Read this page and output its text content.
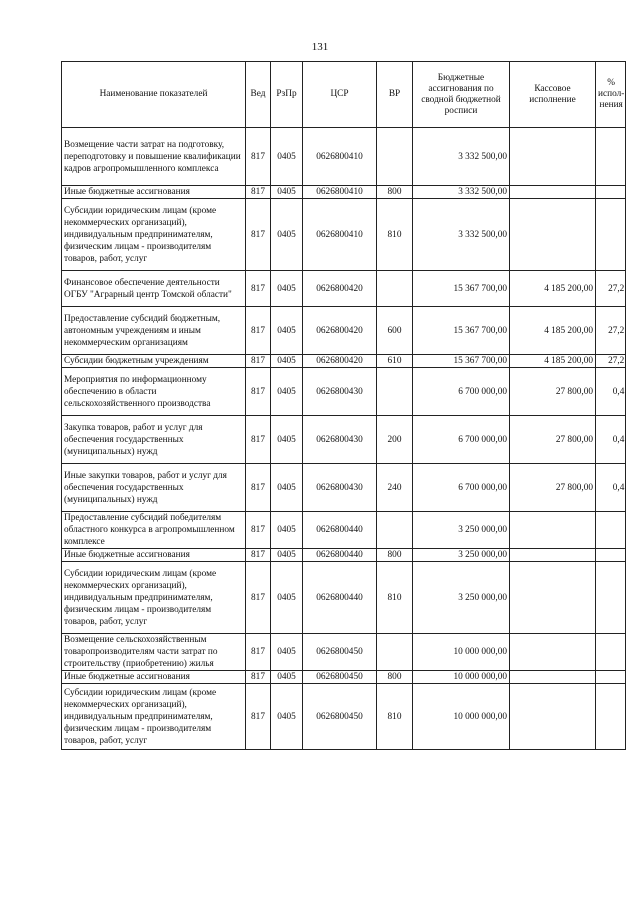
131
Наименование показателей	Вед	РзПр	ЦСР	ВР	Бюджетные ассигнования по сводной бюджетной росписи	Кассовое исполнение	% испол-нения
Возмещение части затрат на подготовку, переподготовку и повышение квалификации кадров агропромышленного комплекса	817	0405	0626800410		3 332 500,00		
Иные бюджетные ассигнования	817	0405	0626800410	800	3 332 500,00		
Субсидии юридическим лицам (кроме некоммерческих организаций), индивидуальным предпринимателям, физическим лицам - производителям товаров, работ, услуг	817	0405	0626800410	810	3 332 500,00		
Финансовое обеспечение деятельности ОГБУ "Аграрный центр Томской области"	817	0405	0626800420		15 367 700,00	4 185 200,00	27,2
Предоставление субсидий бюджетным, автономным учреждениям и иным некоммерческим организациям	817	0405	0626800420	600	15 367 700,00	4 185 200,00	27,2
Субсидии бюджетным учреждениям	817	0405	0626800420	610	15 367 700,00	4 185 200,00	27,2
Мероприятия по информационному обеспечению в области сельскохозяйственного производства	817	0405	0626800430		6 700 000,00	27 800,00	0,4
Закупка товаров, работ и услуг для обеспечения государственных (муниципальных) нужд	817	0405	0626800430	200	6 700 000,00	27 800,00	0,4
Иные закупки товаров, работ и услуг для обеспечения государственных (муниципальных) нужд	817	0405	0626800430	240	6 700 000,00	27 800,00	0,4
Предоставление субсидий победителям областного конкурса в агропромышленном комплексе	817	0405	0626800440		3 250 000,00		
Иные бюджетные ассигнования	817	0405	0626800440	800	3 250 000,00		
Субсидии юридическим лицам (кроме некоммерческих организаций), индивидуальным предпринимателям, физическим лицам - производителям товаров, работ, услуг	817	0405	0626800440	810	3 250 000,00		
Возмещение сельскохозяйственным товаропроизводителям части затрат по строительству (приобретению) жилья	817	0405	0626800450		10 000 000,00		
Иные бюджетные ассигнования	817	0405	0626800450	800	10 000 000,00		
Субсидии юридическим лицам (кроме некоммерческих организаций), индивидуальным предпринимателям, физическим лицам - производителям товаров, работ, услуг	817	0405	0626800450	810	10 000 000,00		
